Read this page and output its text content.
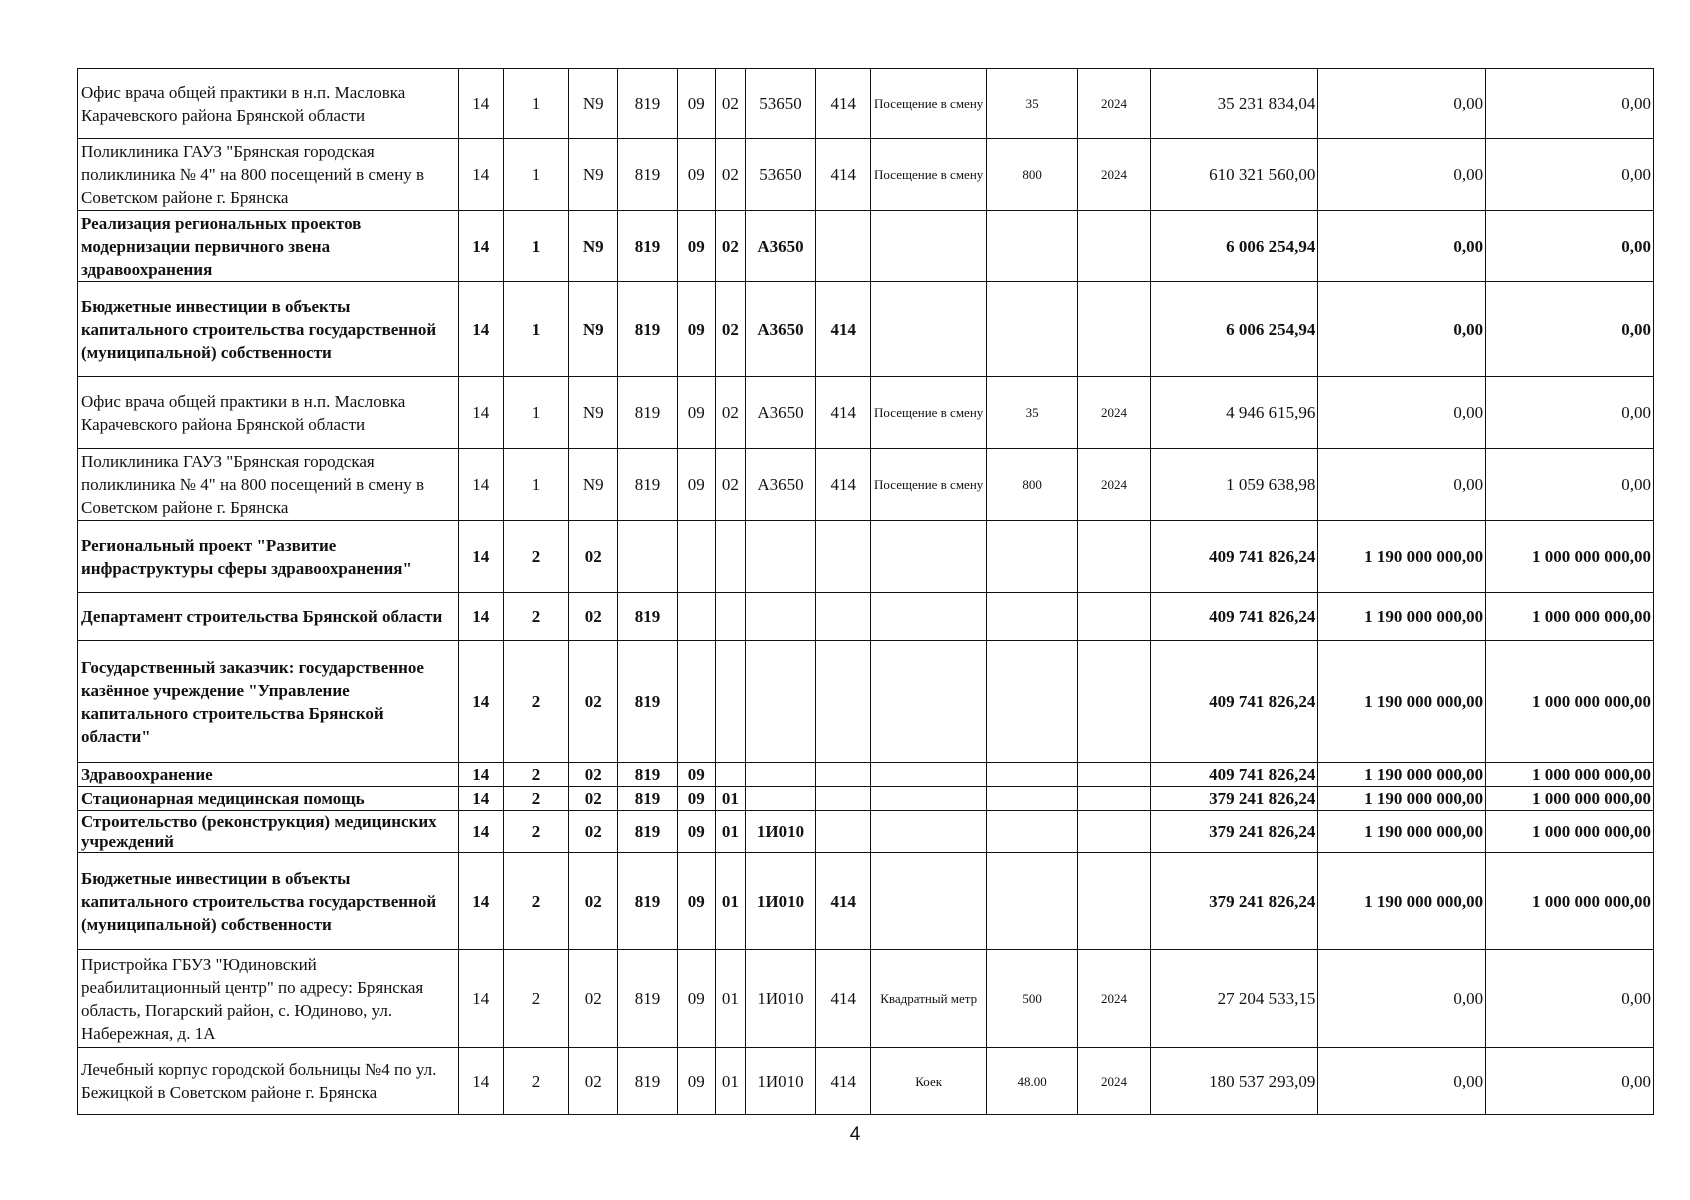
Офис врача общей практики в н.п. Масловка Карачевского района Брянской области	14	1	N9	819	09	02	53650	414	Посещение в смену	35	2024	35 231 834,04	0,00	0,00
Поликлиника ГАУЗ "Брянская городская поликлиника № 4" на 800 посещений в смену в Советском районе г. Брянска	14	1	N9	819	09	02	53650	414	Посещение в смену	800	2024	610 321 560,00	0,00	0,00
Реализация региональных проектов модернизации первичного звена здравоохранения	14	1	N9	819	09	02	А3650					6 006 254,94	0,00	0,00
Бюджетные инвестиции в объекты капитального строительства государственной (муниципальной) собственности	14	1	N9	819	09	02	А3650	414				6 006 254,94	0,00	0,00
Офис врача общей практики в н.п. Масловка Карачевского района Брянской области	14	1	N9	819	09	02	А3650	414	Посещение в смену	35	2024	4 946 615,96	0,00	0,00
Поликлиника ГАУЗ "Брянская городская поликлиника № 4" на 800 посещений в смену в Советском районе г. Брянска	14	1	N9	819	09	02	А3650	414	Посещение в смену	800	2024	1 059 638,98	0,00	0,00
Региональный проект "Развитие инфраструктуры сферы здравоохранения"	14	2	02									409 741 826,24	1 190 000 000,00	1 000 000 000,00
Департамент строительства Брянской области	14	2	02	819								409 741 826,24	1 190 000 000,00	1 000 000 000,00
Государственный заказчик: государственное казённое учреждение "Управление капитального строительства Брянской области"	14	2	02	819								409 741 826,24	1 190 000 000,00	1 000 000 000,00
Здравоохранение	14	2	02	819	09							409 741 826,24	1 190 000 000,00	1 000 000 000,00
Стационарная медицинская помощь	14	2	02	819	09	01						379 241 826,24	1 190 000 000,00	1 000 000 000,00
Строительство (реконструкция) медицинских учреждений	14	2	02	819	09	01	1И010					379 241 826,24	1 190 000 000,00	1 000 000 000,00
Бюджетные инвестиции в объекты капитального строительства государственной (муниципальной) собственности	14	2	02	819	09	01	1И010	414				379 241 826,24	1 190 000 000,00	1 000 000 000,00
Пристройка ГБУЗ "Юдиновский реабилитационный центр" по адресу: Брянская область, Погарский район, с. Юдиново, ул. Набережная, д. 1А	14	2	02	819	09	01	1И010	414	Квадратный метр	500	2024	27 204 533,15	0,00	0,00
Лечебный корпус городской больницы №4 по ул. Бежицкой в Советском районе г. Брянска	14	2	02	819	09	01	1И010	414	Коек	48.00	2024	180 537 293,09	0,00	0,00
4
